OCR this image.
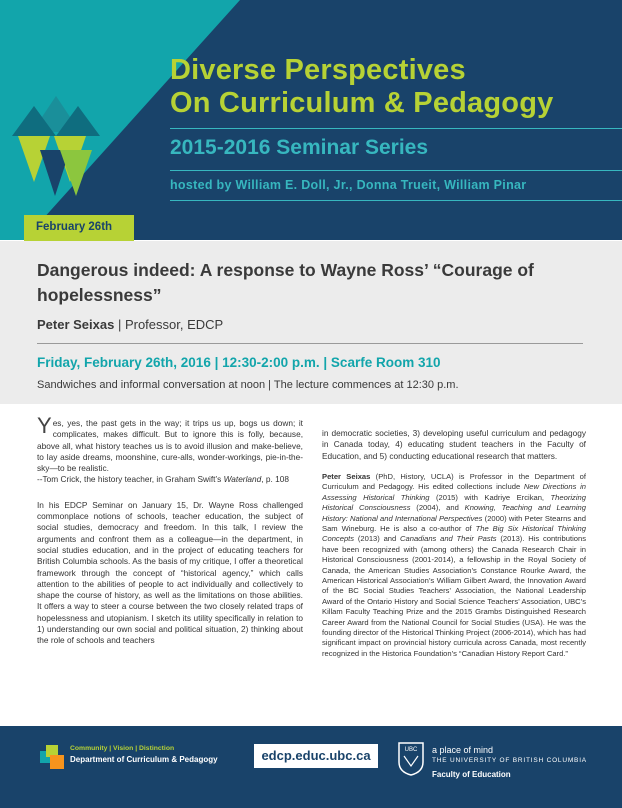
Diverse Perspectives
On Curriculum & Pedagogy
2015-2016 Seminar Series
hosted by William E. Doll, Jr., Donna Trueit, William Pinar
February 26th
Dangerous indeed: A response to Wayne Ross’ “Courage of hopelessness”
Peter Seixas | Professor, EDCP
Friday, February 26th, 2016 | 12:30-2:00 p.m. | Scarfe Room 310
Sandwiches and informal conversation at noon | The lecture commences at 12:30 p.m.

Yes, yes, the past gets in the way; it trips us up, bogs us down; it complicates, makes difficult. But to ignore this is folly, because, above all, what history teaches us is to avoid illusion and make-believe, to lay aside dreams, moonshine, cure-alls, wonder-workings, pie-in-the-sky—to be realistic.
--Tom Crick, the history teacher, in Graham Swift’s Waterland, p. 108

In his EDCP Seminar on January 15, Dr. Wayne Ross challenged commonplace notions of schools, teacher education, the subject of social studies, democracy and freedom. In this talk, I review the arguments and confront them as a colleague—in the department, in social studies education, and in the project of educating teachers for British Columbia schools. As the basis of my critique, I offer a theoretical framework through the concept of “historical agency,” which calls attention to the abilities of people to act individually and collectively to shape the course of history, as well as the limitations on those abilities. It offers a way to steer a course between the two closely related traps of hopelessness and utopianism. I sketch its utility specifically in relation to 1) understanding our own social and political situation, 2) thinking about the role of schools and teachers

in democratic societies, 3) developing useful curriculum and pedagogy in Canada today, 4) educating student teachers in the Faculty of Education, and 5) conducting educational research that matters.

Peter Seixas (PhD, History, UCLA) is Professor in the Department of Curriculum and Pedagogy. His edited collections include New Directions in Assessing Historical Thinking (2015) with Kadriye Ercikan, Theorizing Historical Consciousness (2004), and Knowing, Teaching and Learning History: National and International Perspectives (2000) with Peter Stearns and Sam Wineburg. He is also a co-author of The Big Six Historical Thinking Concepts (2013) and Canadians and Their Pasts (2013). His contributions have been recognized with (among others) the Canada Research Chair in Historical Consciousness (2001-2014), a fellowship in the Royal Society of Canada, the American Studies Association’s Constance Rourke Award, the American Historical Association’s William Gilbert Award, the Innovation Award of the BC Social Studies Teachers’ Association, the National Leadership Award of the Ontario History and Social Science Teachers’ Association, UBC’s Killam Faculty Teaching Prize and the 2015 Grambs Distinguished Research Career Award from the National Council for Social Studies (USA). He was the founding director of the Historical Thinking Project (2006-2014), which has had significant impact on provincial history curricula across Canada, most recently recognized in the Historica Foundation’s “Canadian History Report Card.”

Community | Vision | Distinction
Department of Curriculum & Pedagogy	edcp.educ.ubc.ca	UBC a place of mind
THE UNIVERSITY OF BRITISH COLUMBIA
Faculty of Education
